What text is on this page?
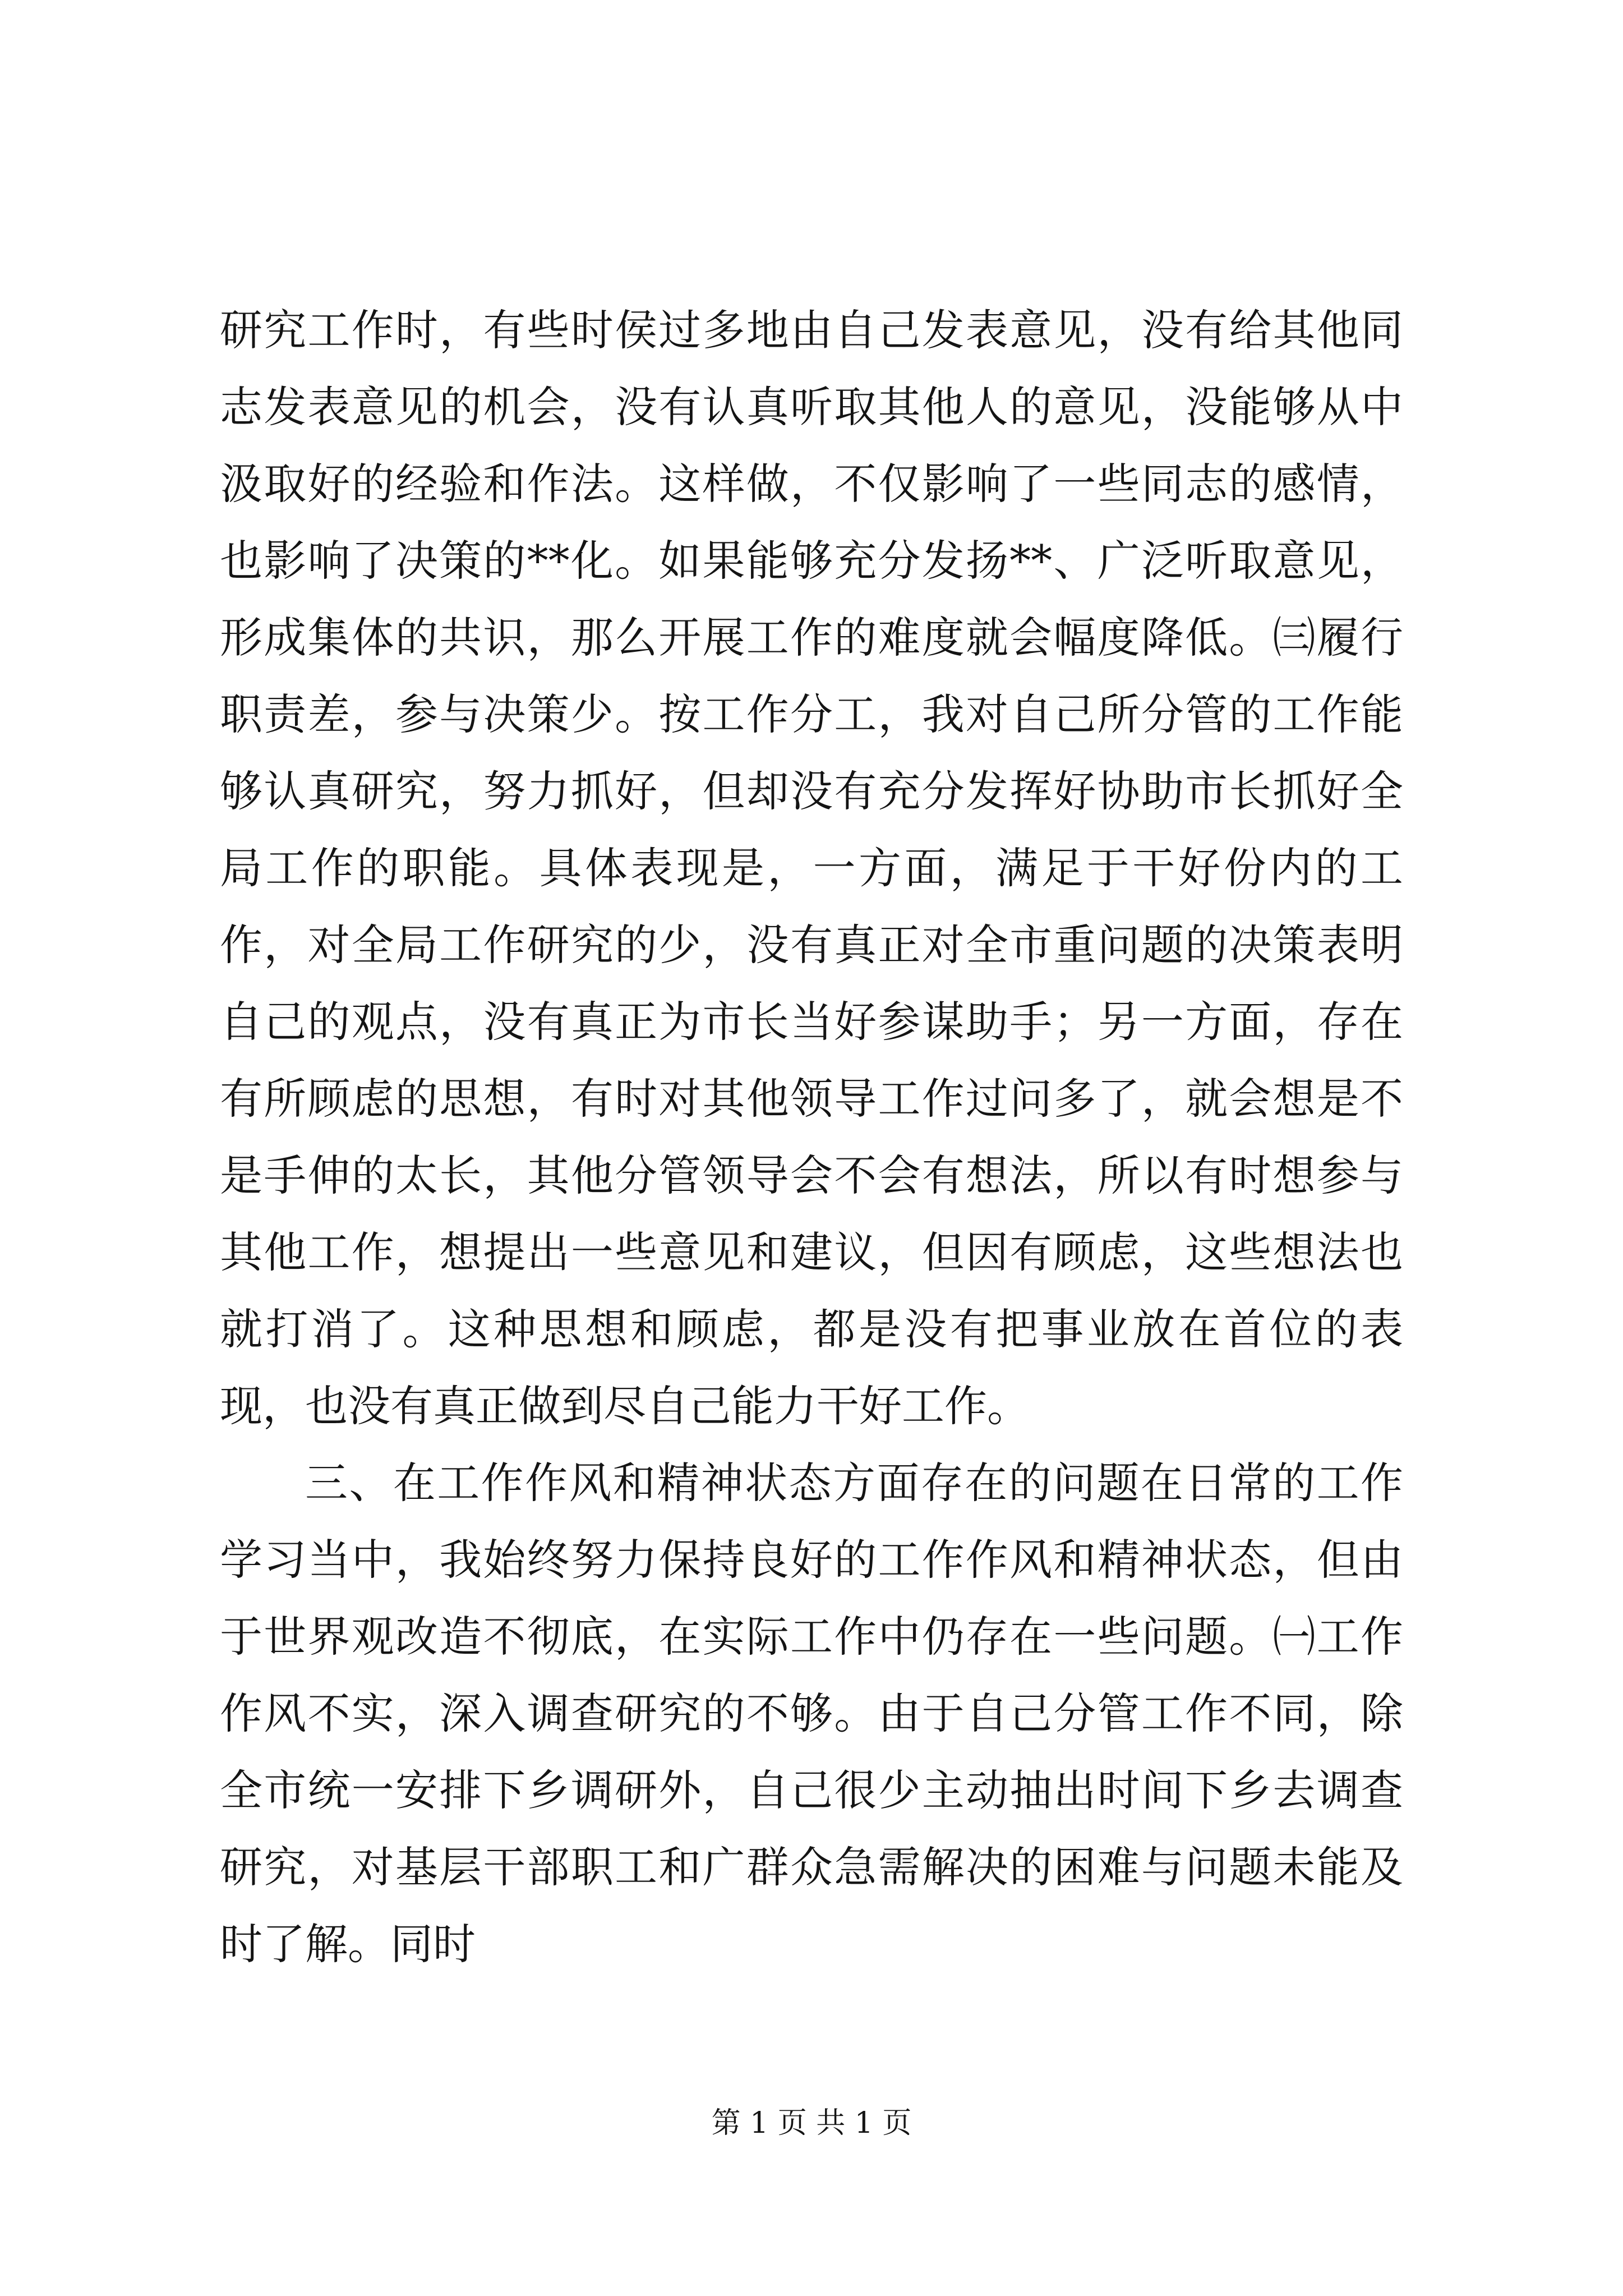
研究工作时，有些时侯过多地由自己发表意见，没有给其他同志发表意见的机会，没有认真听取其他人的意见，没能够从中汲取好的经验和作法。这样做，不仅影响了一些同志的感情，也影响了决策的**化。如果能够充分发扬**、广泛听取意见，形成集体的共识，那么开展工作的难度就会幅度降低。㈢履行职责差，参与决策少。按工作分工，我对自己所分管的工作能够认真研究，努力抓好，但却没有充分发挥好协助市长抓好全局工作的职能。具体表现是，一方面，满足于干好份内的工作，对全局工作研究的少，没有真正对全市重问题的决策表明自己的观点，没有真正为市长当好参谋助手；另一方面，存在有所顾虑的思想，有时对其他领导工作过问多了，就会想是不是手伸的太长，其他分管领导会不会有想法，所以有时想参与其他工作，想提出一些意见和建议，但因有顾虑，这些想法也就打消了。这种思想和顾虑，都是没有把事业放在首位的表现，也没有真正做到尽自己能力干好工作。

三、在工作作风和精神状态方面存在的问题在日常的工作学习当中，我始终努力保持良好的工作作风和精神状态，但由于世界观改造不彻底，在实际工作中仍存在一些问题。㈠工作作风不实，深入调查研究的不够。由于自己分管工作不同，除全市统一安排下乡调研外，自己很少主动抽出时间下乡去调查研究，对基层干部职工和广群众急需解决的困难与问题未能及时了解。同时

第 1 页 共 1 页
